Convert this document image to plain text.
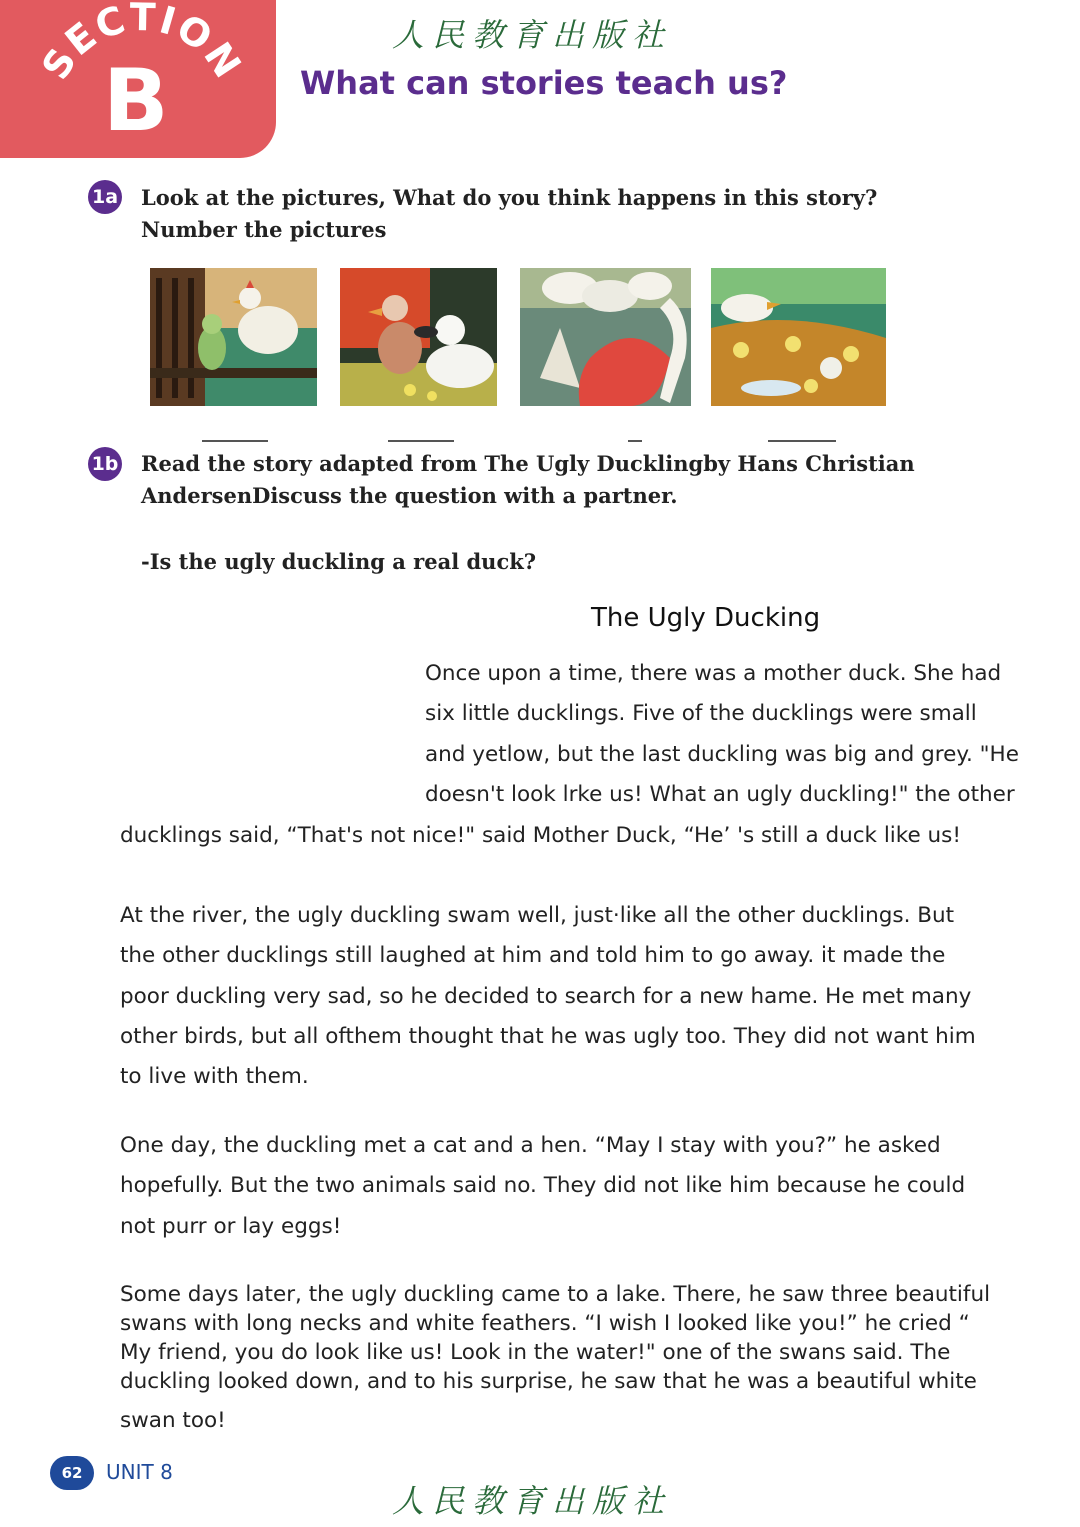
SECTION
B
人民教育出版社
What can stories teach us?
1a Look at the pictures, What do you think happens in this story? Number the pictures
1b Read the story adapted from The Ugly Ducklingby Hans Christian
AndersenDiscuss the question with a partner.
-Is the ugly duckling a real duck?
The Ugly Ducking
Once upon a time, there was a mother duck. She had
six little ducklings. Five of the ducklings were small
and yetlow, but the last duckling was big and grey. "He
doesn't look lrke us! What an ugly duckling!" the other
ducklings said, “That's not nice!" said Mother Duck, “He’ 's still a duck like us!
At the river, the ugly duckling swam well, just·like all the other ducklings. But
the other ducklings still laughed at him and told him to go away. it made the
poor duckling very sad, so he decided to search for a new hame. He met many
other birds, but all ofthem thought that he was ugly too. They did not want him
to live with them.
One day, the duckling met a cat and a hen. “May I stay with you?” he asked
hopefully. But the two animals said no. They did not like him because he could
not purr or lay eggs!
Some days later, the ugly duckling came to a lake. There, he saw three beautiful
swans with long necks and white feathers. “I wish I looked like you!” he cried “
My friend, you do look like us! Look in the water!" one of the swans said. The
duckling looked down, and to his surprise, he saw that he was a beautiful white
swan too!
62	UNIT 8
人民教育出版社
